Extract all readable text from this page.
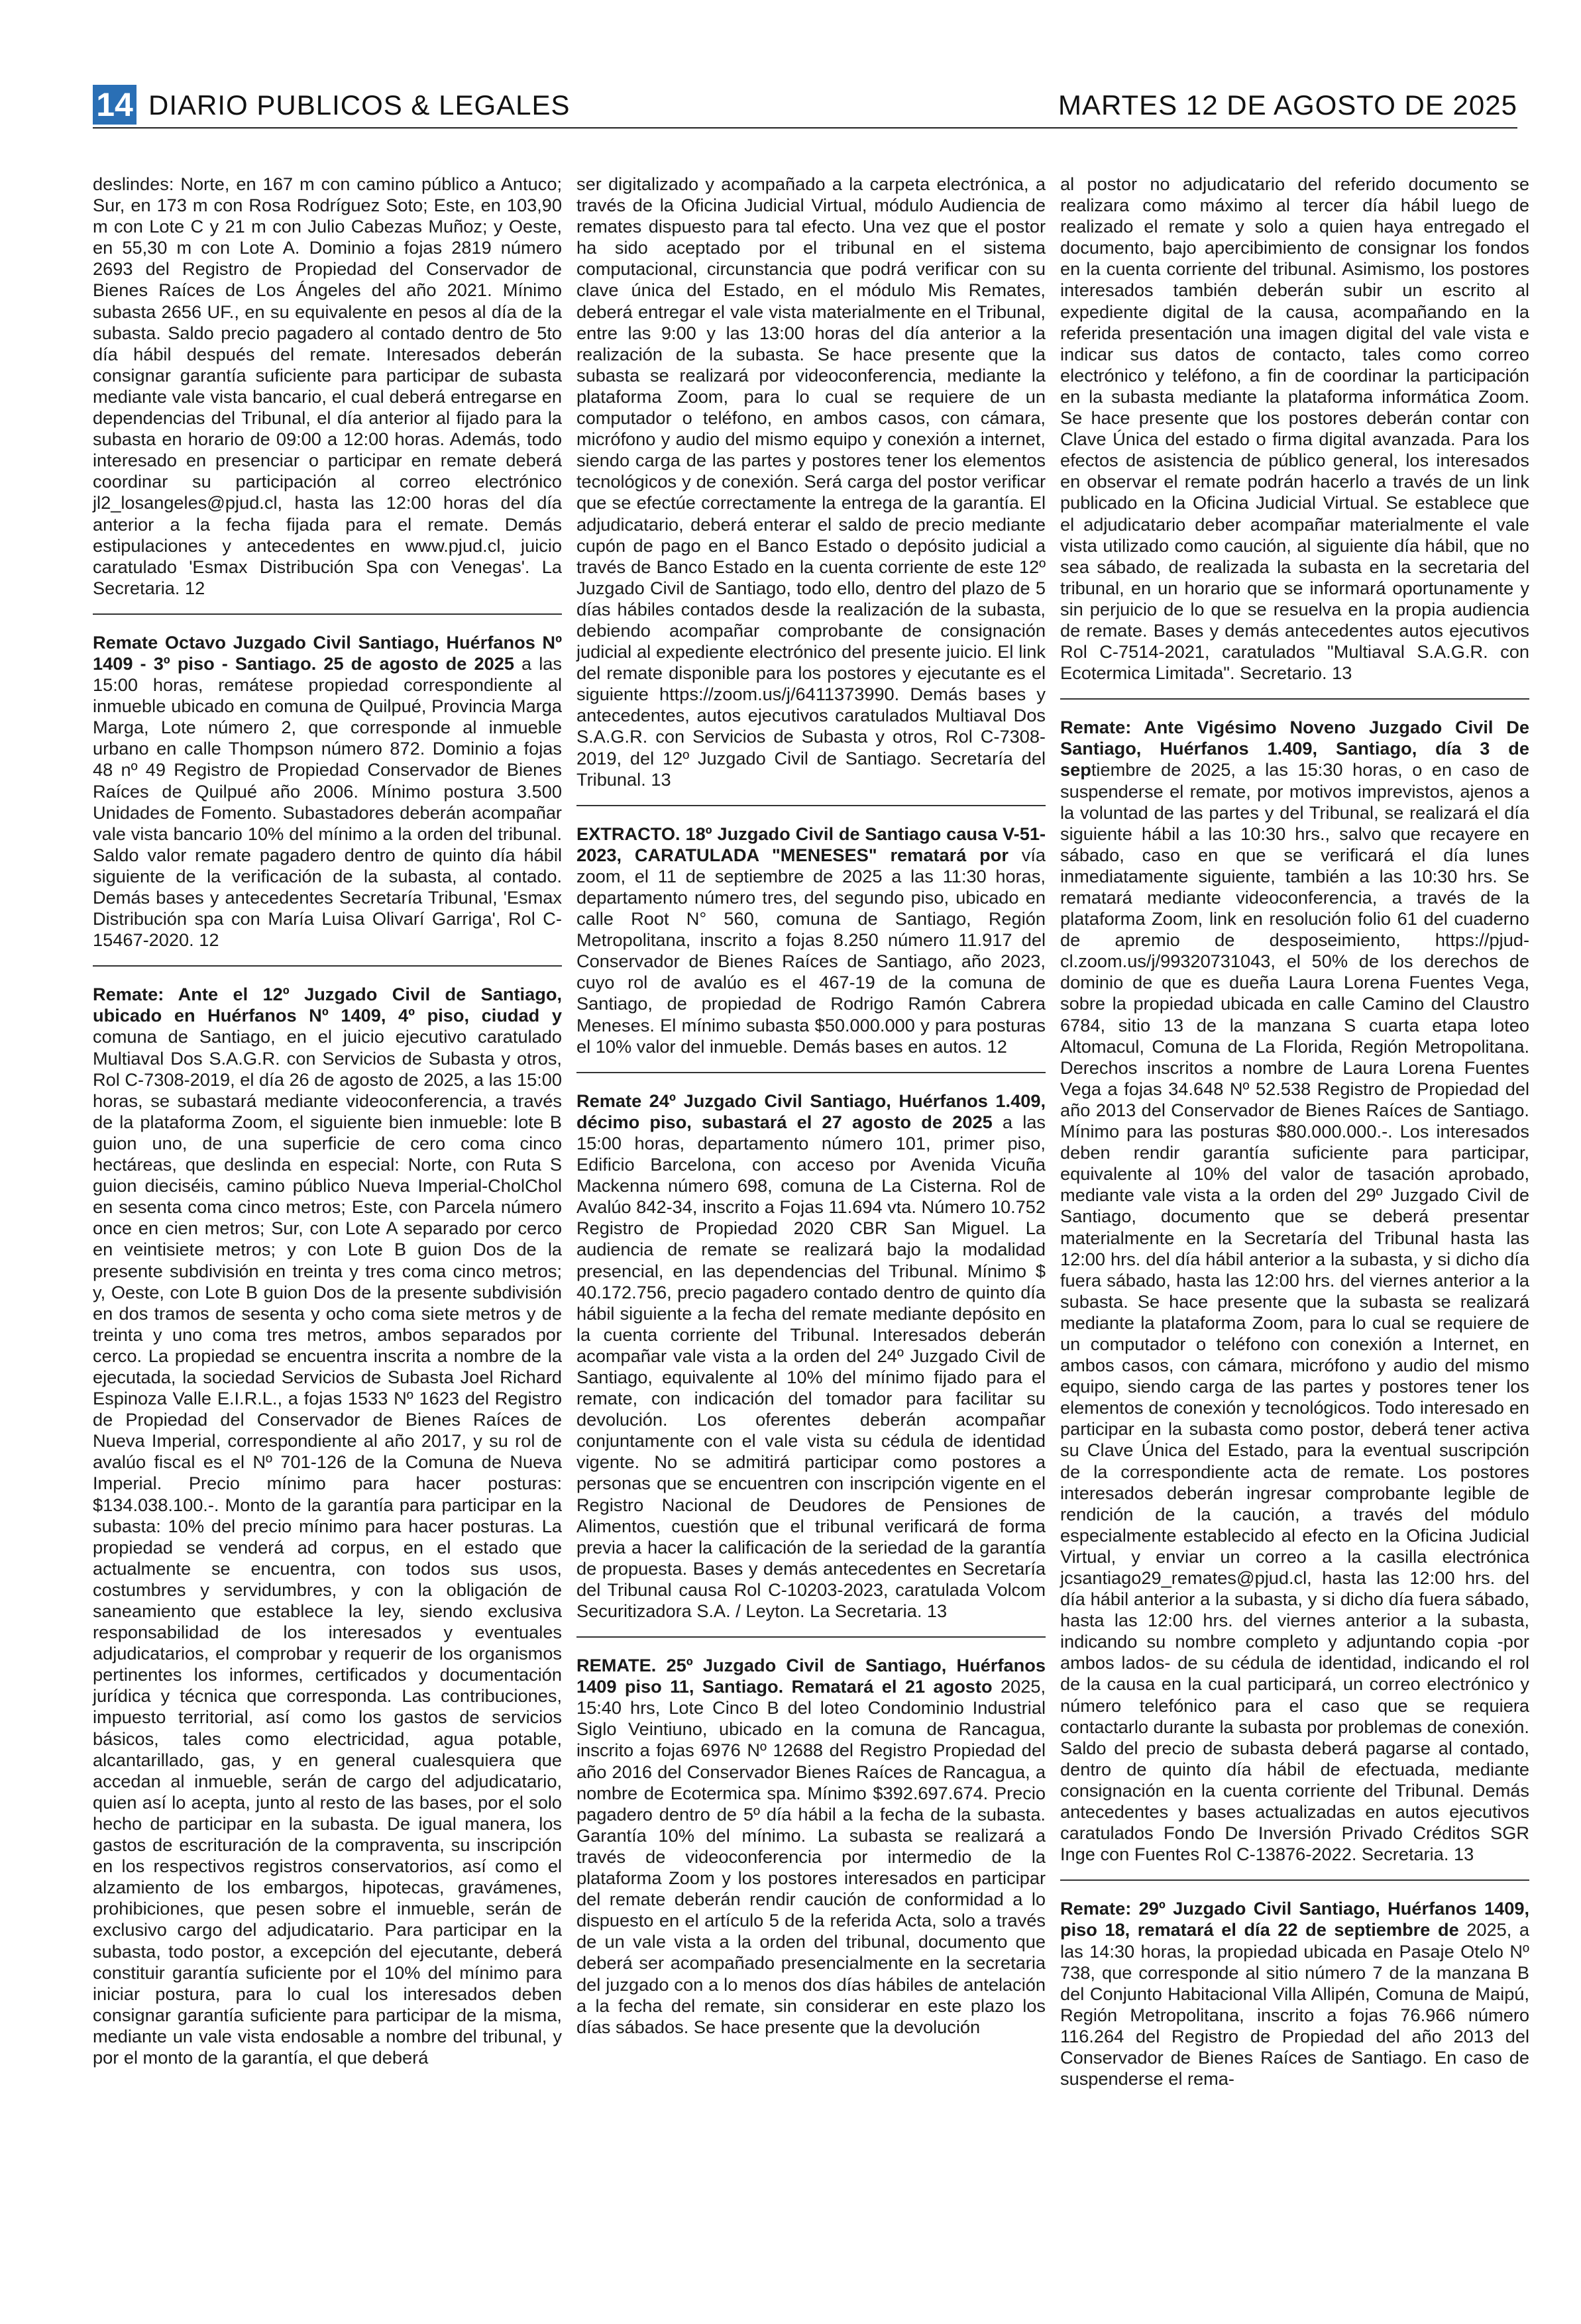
14 DIARIO PUBLICOS & LEGALES	MARTES 12 DE AGOSTO DE 2025

deslindes: Norte, en 167 m con camino público a Antuco; Sur, en 173 m con Rosa Rodríguez Soto; Este, en 103,90 m con Lote C y 21 m con Julio Cabezas Muñoz; y Oeste, en 55,30 m con Lote A. Dominio a fojas 2819 número 2693 del Registro de Propiedad del Conservador de Bienes Raíces de Los Ángeles del año 2021. Mínimo subasta 2656 UF., en su equivalente en pesos al día de la subasta. Saldo precio pagadero al contado dentro de 5to día hábil después del remate. Interesados deberán consignar garantía suficiente para participar de subasta mediante vale vista bancario, el cual deberá entregarse en dependencias del Tribunal, el día anterior al fijado para la subasta en horario de 09:00 a 12:00 horas. Además, todo interesado en presenciar o participar en remate deberá coordinar su participación al correo electrónico jl2_losangeles@pjud.cl, hasta las 12:00 horas del día anterior a la fecha fijada para el remate. Demás estipulaciones y antecedentes en www.pjud.cl, juicio caratulado 'Esmax Distribución Spa con Venegas'. La Secretaria. 12

Remate Octavo Juzgado Civil Santiago, Huérfanos Nº 1409 - 3º piso - Santiago. 25 de agosto de 2025 a las 15:00 horas, remátese propiedad correspondiente al inmueble ubicado en comuna de Quilpué, Provincia Marga Marga, Lote número 2, que corresponde al inmueble urbano en calle Thompson número 872. Dominio a fojas 48 nº 49 Registro de Propiedad Conservador de Bienes Raíces de Quilpué año 2006. Mínimo postura 3.500 Unidades de Fomento. Subastadores deberán acompañar vale vista bancario 10% del mínimo a la orden del tribunal. Saldo valor remate pagadero dentro de quinto día hábil siguiente de la verificación de la subasta, al contado. Demás bases y antecedentes Secretaría Tribunal, 'Esmax Distribución spa con María Luisa Olivarí Garriga', Rol C-15467-2020. 12

Remate: Ante el 12º Juzgado Civil de Santiago, ubicado en Huérfanos Nº 1409, 4º piso, ciudad y comuna de Santiago, en el juicio ejecutivo caratulado Multiaval Dos S.A.G.R. con Servicios de Subasta y otros, Rol C-7308-2019, el día 26 de agosto de 2025, a las 15:00 horas, se subastará mediante videoconferencia, a través de la plataforma Zoom, el siguiente bien inmueble: lote B guion uno, de una superficie de cero coma cinco hectáreas, que deslinda en especial: Norte, con Ruta S guion dieciséis, camino público Nueva Imperial-CholChol en sesenta coma cinco metros; Este, con Parcela número once en cien metros; Sur, con Lote A separado por cerco en veintisiete metros; y con Lote B guion Dos de la presente subdivisión en treinta y tres coma cinco metros; y, Oeste, con Lote B guion Dos de la presente subdivisión en dos tramos de sesenta y ocho coma siete metros y de treinta y uno coma tres metros, ambos separados por cerco. La propiedad se encuentra inscrita a nombre de la ejecutada, la sociedad Servicios de Subasta Joel Richard Espinoza Valle E.I.R.L., a fojas 1533 Nº 1623 del Registro de Propiedad del Conservador de Bienes Raíces de Nueva Imperial, correspondiente al año 2017, y su rol de avalúo fiscal es el Nº 701-126 de la Comuna de Nueva Imperial. Precio mínimo para hacer posturas: $134.038.100.-. Monto de la garantía para participar en la subasta: 10% del precio mínimo para hacer posturas. La propiedad se venderá ad corpus, en el estado que actualmente se encuentra, con todos sus usos, costumbres y servidumbres, y con la obligación de saneamiento que establece la ley, siendo exclusiva responsabilidad de los interesados y eventuales adjudicatarios, el comprobar y requerir de los organismos pertinentes los informes, certificados y documentación jurídica y técnica que corresponda. Las contribuciones, impuesto territorial, así como los gastos de servicios básicos, tales como electricidad, agua potable, alcantarillado, gas, y en general cualesquiera que accedan al inmueble, serán de cargo del adjudicatario, quien así lo acepta, junto al resto de las bases, por el solo hecho de participar en la subasta. De igual manera, los gastos de escrituración de la compraventa, su inscripción en los respectivos registros conservatorios, así como el alzamiento de los embargos, hipotecas, gravámenes, prohibiciones, que pesen sobre el inmueble, serán de exclusivo cargo del adjudicatario. Para participar en la subasta, todo postor, a excepción del ejecutante, deberá constituir garantía suficiente por el 10% del mínimo para iniciar postura, para lo cual los interesados deben consignar garantía suficiente para participar de la misma, mediante un vale vista endosable a nombre del tribunal, y por el monto de la garantía, el que deberá

ser digitalizado y acompañado a la carpeta electrónica, a través de la Oficina Judicial Virtual, módulo Audiencia de remates dispuesto para tal efecto. Una vez que el postor ha sido aceptado por el tribunal en el sistema computacional, circunstancia que podrá verificar con su clave única del Estado, en el módulo Mis Remates, deberá entregar el vale vista materialmente en el Tribunal, entre las 9:00 y las 13:00 horas del día anterior a la realización de la subasta. Se hace presente que la subasta se realizará por videoconferencia, mediante la plataforma Zoom, para lo cual se requiere de un computador o teléfono, en ambos casos, con cámara, micrófono y audio del mismo equipo y conexión a internet, siendo carga de las partes y postores tener los elementos tecnológicos y de conexión. Será carga del postor verificar que se efectúe correctamente la entrega de la garantía. El adjudicatario, deberá enterar el saldo de precio mediante cupón de pago en el Banco Estado o depósito judicial a través de Banco Estado en la cuenta corriente de este 12º Juzgado Civil de Santiago, todo ello, dentro del plazo de 5 días hábiles contados desde la realización de la subasta, debiendo acompañar comprobante de consignación judicial al expediente electrónico del presente juicio. El link del remate disponible para los postores y ejecutante es el siguiente https://zoom.us/j/6411373990. Demás bases y antecedentes, autos ejecutivos caratulados Multiaval Dos S.A.G.R. con Servicios de Subasta y otros, Rol C-7308-2019, del 12º Juzgado Civil de Santiago. Secretaría del Tribunal. 13

EXTRACTO. 18º Juzgado Civil de Santiago causa V-51-2023, CARATULADA "MENESES" rematará por vía zoom, el 11 de septiembre de 2025 a las 11:30 horas, departamento número tres, del segundo piso, ubicado en calle Root N° 560, comuna de Santiago, Región Metropolitana, inscrito a fojas 8.250 número 11.917 del Conservador de Bienes Raíces de Santiago, año 2023, cuyo rol de avalúo es el 467-19 de la comuna de Santiago, de propiedad de Rodrigo Ramón Cabrera Meneses. El mínimo subasta $50.000.000 y para posturas el 10% valor del inmueble. Demás bases en autos. 12

Remate 24º Juzgado Civil Santiago, Huérfanos 1.409, décimo piso, subastará el 27 agosto de 2025 a las 15:00 horas, departamento número 101, primer piso, Edificio Barcelona, con acceso por Avenida Vicuña Mackenna número 698, comuna de La Cisterna. Rol de Avalúo 842-34, inscrito a Fojas 11.694 vta. Número 10.752 Registro de Propiedad 2020 CBR San Miguel. La audiencia de remate se realizará bajo la modalidad presencial, en las dependencias del Tribunal. Mínimo $ 40.172.756, precio pagadero contado dentro de quinto día hábil siguiente a la fecha del remate mediante depósito en la cuenta corriente del Tribunal. Interesados deberán acompañar vale vista a la orden del 24º Juzgado Civil de Santiago, equivalente al 10% del mínimo fijado para el remate, con indicación del tomador para facilitar su devolución. Los oferentes deberán acompañar conjuntamente con el vale vista su cédula de identidad vigente. No se admitirá participar como postores a personas que se encuentren con inscripción vigente en el Registro Nacional de Deudores de Pensiones de Alimentos, cuestión que el tribunal verificará de forma previa a hacer la calificación de la seriedad de la garantía de propuesta. Bases y demás antecedentes en Secretaría del Tribunal causa Rol C-10203-2023, caratulada Volcom Securitizadora S.A. / Leyton. La Secretaria. 13

REMATE. 25º Juzgado Civil de Santiago, Huérfanos 1409 piso 11, Santiago. Rematará el 21 agosto 2025, 15:40 hrs, Lote Cinco B del loteo Condominio Industrial Siglo Veintiuno, ubicado en la comuna de Rancagua, inscrito a fojas 6976 Nº 12688 del Registro Propiedad del año 2016 del Conservador Bienes Raíces de Rancagua, a nombre de Ecotermica spa. Mínimo $392.697.674. Precio pagadero dentro de 5º día hábil a la fecha de la subasta. Garantía 10% del mínimo. La subasta se realizará a través de videoconferencia por intermedio de la plataforma Zoom y los postores interesados en participar del remate deberán rendir caución de conformidad a lo dispuesto en el artículo 5 de la referida Acta, solo a través de un vale vista a la orden del tribunal, documento que deberá ser acompañado presencialmente en la secretaria del juzgado con a lo menos dos días hábiles de antelación a la fecha del remate, sin considerar en este plazo los días sábados. Se hace presente que la devolución

al postor no adjudicatario del referido documento se realizara como máximo al tercer día hábil luego de realizado el remate y solo a quien haya entregado el documento, bajo apercibimiento de consignar los fondos en la cuenta corriente del tribunal. Asimismo, los postores interesados también deberán subir un escrito al expediente digital de la causa, acompañando en la referida presentación una imagen digital del vale vista e indicar sus datos de contacto, tales como correo electrónico y teléfono, a fin de coordinar la participación en la subasta mediante la plataforma informática Zoom. Se hace presente que los postores deberán contar con Clave Única del estado o firma digital avanzada. Para los efectos de asistencia de público general, los interesados en observar el remate podrán hacerlo a través de un link publicado en la Oficina Judicial Virtual. Se establece que el adjudicatario deber acompañar materialmente el vale vista utilizado como caución, al siguiente día hábil, que no sea sábado, de realizada la subasta en la secretaria del tribunal, en un horario que se informará oportunamente y sin perjuicio de lo que se resuelva en la propia audiencia de remate. Bases y demás antecedentes autos ejecutivos Rol C-7514-2021, caratulados "Multiaval S.A.G.R. con Ecotermica Limitada". Secretario. 13

Remate: Ante Vigésimo Noveno Juzgado Civil De Santiago, Huérfanos 1.409, Santiago, día 3 de septiembre de 2025, a las 15:30 horas, o en caso de suspenderse el remate, por motivos imprevistos, ajenos a la voluntad de las partes y del Tribunal, se realizará el día siguiente hábil a las 10:30 hrs., salvo que recayere en sábado, caso en que se verificará el día lunes inmediatamente siguiente, también a las 10:30 hrs. Se rematará mediante videoconferencia, a través de la plataforma Zoom, link en resolución folio 61 del cuaderno de apremio de desposeimiento, https://pjud-cl.zoom.us/j/99320731043, el 50% de los derechos de dominio de que es dueña Laura Lorena Fuentes Vega, sobre la propiedad ubicada en calle Camino del Claustro 6784, sitio 13 de la manzana S cuarta etapa loteo Altomacul, Comuna de La Florida, Región Metropolitana. Derechos inscritos a nombre de Laura Lorena Fuentes Vega a fojas 34.648 Nº 52.538 Registro de Propiedad del año 2013 del Conservador de Bienes Raíces de Santiago. Mínimo para las posturas $80.000.000.-. Los interesados deben rendir garantía suficiente para participar, equivalente al 10% del valor de tasación aprobado, mediante vale vista a la orden del 29º Juzgado Civil de Santiago, documento que se deberá presentar materialmente en la Secretaría del Tribunal hasta las 12:00 hrs. del día hábil anterior a la subasta, y si dicho día fuera sábado, hasta las 12:00 hrs. del viernes anterior a la subasta. Se hace presente que la subasta se realizará mediante la plataforma Zoom, para lo cual se requiere de un computador o teléfono con conexión a Internet, en ambos casos, con cámara, micrófono y audio del mismo equipo, siendo carga de las partes y postores tener los elementos de conexión y tecnológicos. Todo interesado en participar en la subasta como postor, deberá tener activa su Clave Única del Estado, para la eventual suscripción de la correspondiente acta de remate. Los postores interesados deberán ingresar comprobante legible de rendición de la caución, a través del módulo especialmente establecido al efecto en la Oficina Judicial Virtual, y enviar un correo a la casilla electrónica jcsantiago29_remates@pjud.cl, hasta las 12:00 hrs. del día hábil anterior a la subasta, y si dicho día fuera sábado, hasta las 12:00 hrs. del viernes anterior a la subasta, indicando su nombre completo y adjuntando copia -por ambos lados- de su cédula de identidad, indicando el rol de la causa en la cual participará, un correo electrónico y número telefónico para el caso que se requiera contactarlo durante la subasta por problemas de conexión. Saldo del precio de subasta deberá pagarse al contado, dentro de quinto día hábil de efectuada, mediante consignación en la cuenta corriente del Tribunal. Demás antecedentes y bases actualizadas en autos ejecutivos caratulados Fondo De Inversión Privado Créditos SGR Inge con Fuentes Rol C-13876-2022. Secretaria. 13

Remate: 29º Juzgado Civil Santiago, Huérfanos 1409, piso 18, rematará el día 22 de septiembre de 2025, a las 14:30 horas, la propiedad ubicada en Pasaje Otelo Nº 738, que corresponde al sitio número 7 de la manzana B del Conjunto Habitacional Villa Allipén, Comuna de Maipú, Región Metropolitana, inscrito a fojas 76.966 número 116.264 del Registro de Propiedad del año 2013 del Conservador de Bienes Raíces de Santiago. En caso de suspenderse el rema-
